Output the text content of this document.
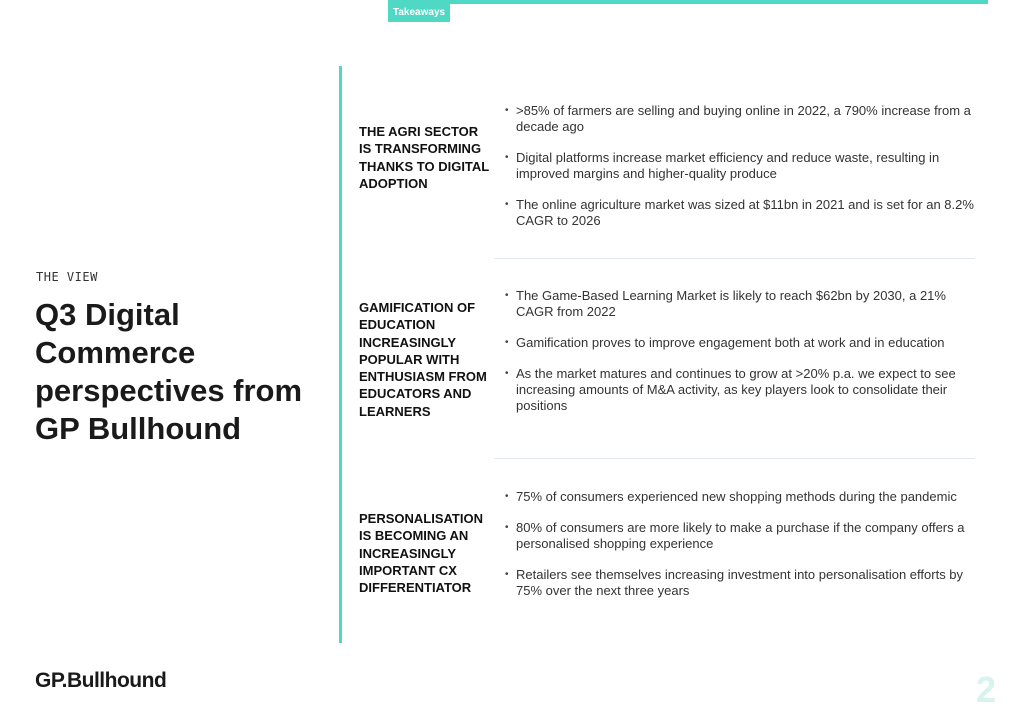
Takeaways
THE VIEW
Q3 Digital Commerce perspectives from GP Bullhound
THE AGRI SECTOR IS TRANSFORMING THANKS TO DIGITAL ADOPTION
• >85% of farmers are selling and buying online in 2022, a 790% increase from a decade ago
• Digital platforms increase market efficiency and reduce waste, resulting in improved margins and higher-quality produce
• The online agriculture market was sized at $11bn in 2021 and is set for an 8.2% CAGR to 2026
GAMIFICATION OF EDUCATION INCREASINGLY POPULAR WITH ENTHUSIASM FROM EDUCATORS AND LEARNERS
• The Game-Based Learning Market is likely to reach $62bn by 2030, a 21% CAGR from 2022
• Gamification proves to improve engagement both at work and in education
• As the market matures and continues to grow at >20% p.a. we expect to see increasing amounts of M&A activity, as key players look to consolidate their positions
PERSONALISATION IS BECOMING AN INCREASINGLY IMPORTANT CX DIFFERENTIATOR
• 75% of consumers experienced new shopping methods during the pandemic
• 80% of consumers are more likely to make a purchase if the company offers a personalised shopping experience
• Retailers see themselves increasing investment into personalisation efforts by 75% over the next three years
GP.Bullhound	2
